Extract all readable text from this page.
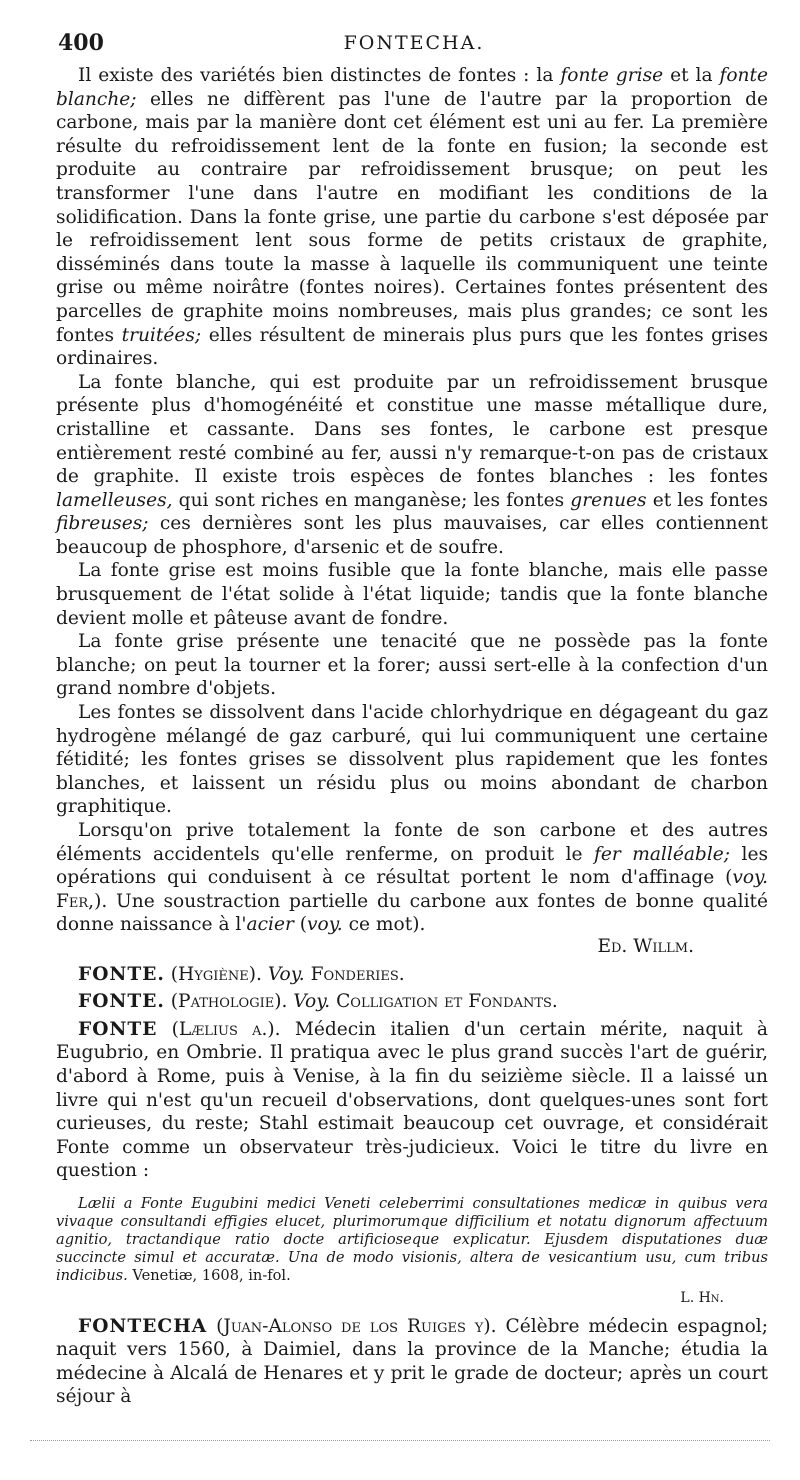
400	FONTECHA.

Il existe des variétés bien distinctes de fontes : la fonte grise et la fonte blanche; elles ne diffèrent pas l'une de l'autre par la proportion de carbone, mais par la manière dont cet élément est uni au fer. La première résulte du refroidissement lent de la fonte en fusion; la seconde est produite au contraire par refroidissement brusque; on peut les transformer l'une dans l'autre en modifiant les conditions de la solidification. Dans la fonte grise, une partie du carbone s'est déposée par le refroidissement lent sous forme de petits cristaux de graphite, disséminés dans toute la masse à laquelle ils communiquent une teinte grise ou même noirâtre (fontes noires). Certaines fontes présentent des parcelles de graphite moins nombreuses, mais plus grandes; ce sont les fontes truitées; elles résultent de minerais plus purs que les fontes grises ordinaires.

La fonte blanche, qui est produite par un refroidissement brusque présente plus d'homogénéité et constitue une masse métallique dure, cristalline et cassante. Dans ses fontes, le carbone est presque entièrement resté combiné au fer, aussi n'y remarque-t-on pas de cristaux de graphite. Il existe trois espèces de fontes blanches : les fontes lamelleuses, qui sont riches en manganèse; les fontes grenues et les fontes fibreuses; ces dernières sont les plus mauvaises, car elles contiennent beaucoup de phosphore, d'arsenic et de soufre.

La fonte grise est moins fusible que la fonte blanche, mais elle passe brusquement de l'état solide à l'état liquide; tandis que la fonte blanche devient molle et pâteuse avant de fondre.

La fonte grise présente une tenacité que ne possède pas la fonte blanche; on peut la tourner et la forer; aussi sert-elle à la confection d'un grand nombre d'objets.

Les fontes se dissolvent dans l'acide chlorhydrique en dégageant du gaz hydrogène mélangé de gaz carburé, qui lui communiquent une certaine fétidité; les fontes grises se dissolvent plus rapidement que les fontes blanches, et laissent un résidu plus ou moins abondant de charbon graphitique.

Lorsqu'on prive totalement la fonte de son carbone et des autres éléments accidentels qu'elle renferme, on produit le fer malléable; les opérations qui conduisent à ce résultat portent le nom d'affinage (voy. Fer,). Une soustraction partielle du carbone aux fontes de bonne qualité donne naissance à l'acier (voy. ce mot).

Ed. Willm.

FONTE. (Hygiène). Voy. Fonderies.

FONTE. (Pathologie). Voy. Colligation et Fondants.

FONTE (Lælius a.). Médecin italien d'un certain mérite, naquit à Eugubrio, en Ombrie. Il pratiqua avec le plus grand succès l'art de guérir, d'abord à Rome, puis à Venise, à la fin du seizième siècle. Il a laissé un livre qui n'est qu'un recueil d'observations, dont quelques-unes sont fort curieuses, du reste; Stahl estimait beaucoup cet ouvrage, et considérait Fonte comme un observateur très-judicieux. Voici le titre du livre en question :

Lælii a Fonte Eugubini medici Veneti celeberrimi consultationes medicæ in quibus vera vivaque consultandi effigies elucet, plurimorumque difficilium et notatu dignorum affectuum agnitio, tractandique ratio docte artificioseque explicatur. Ejusdem disputationes duæ succincte simul et accuratæ. Una de modo visionis, altera de vesicantium usu, cum tribus indicibus. Venetiæ, 1608, in-fol.

L. Hn.

FONTECHA (Juan-Alonso de los Ruiges y). Célèbre médecin espagnol; naquit vers 1560, à Daimiel, dans la province de la Manche; étudia la médecine à Alcalá de Henares et y prit le grade de docteur; après un court séjour à
